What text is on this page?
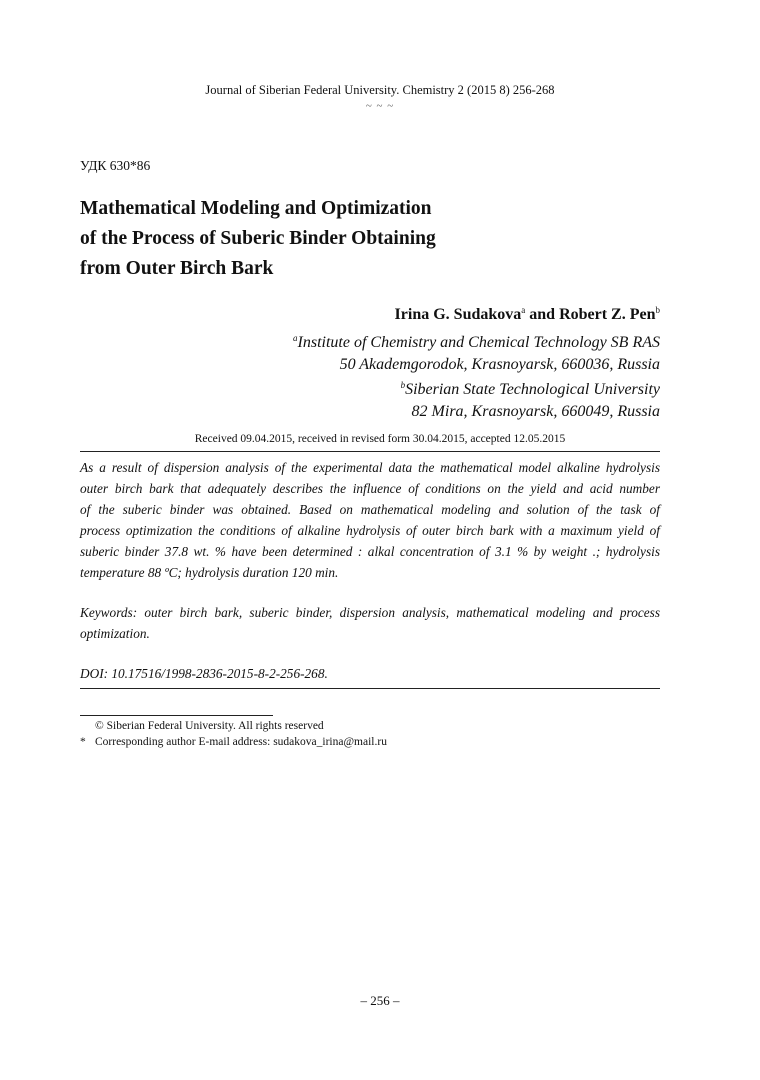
Journal of Siberian Federal University. Chemistry 2 (2015 8) 256-268
~ ~ ~
УДК 630*86
Mathematical Modeling and Optimization
of the Process of Suberic Binder Obtaining
from Outer Birch Bark
Irina G. Sudakova$^a$ and Robert Z. Pen$^b$
$^a$Institute of Chemistry and Chemical Technology SB RAS
50 Akademgorodok, Krasnoyarsk, 660036, Russia
$^b$Siberian State Technological University
82 Mira, Krasnoyarsk, 660049, Russia
Received 09.04.2015, received in revised form 30.04.2015, accepted 12.05.2015
As a result of dispersion analysis of the experimental data the mathematical model alkaline hydrolysis
outer birch bark that adequately describes the influence of conditions on the yield and acid number
of the suberic binder was obtained. Based on mathematical modeling and solution of the task of
process optimization the conditions of alkaline hydrolysis of outer birch bark with a maximum yield of
suberic binder 37.8 wt. % have been determined : alkal concentration of 3.1 % by weight .; hydrolysis
temperature 88 ºC; hydrolysis duration 120 min.
Keywords: outer birch bark, suberic binder, dispersion analysis, mathematical modeling and process
optimization.
DOI: 10.17516/1998-2836-2015-8-2-256-268.
© Siberian Federal University. All rights reserved
* Corresponding author E-mail address: sudakova_irina@mail.ru
– 256 –
